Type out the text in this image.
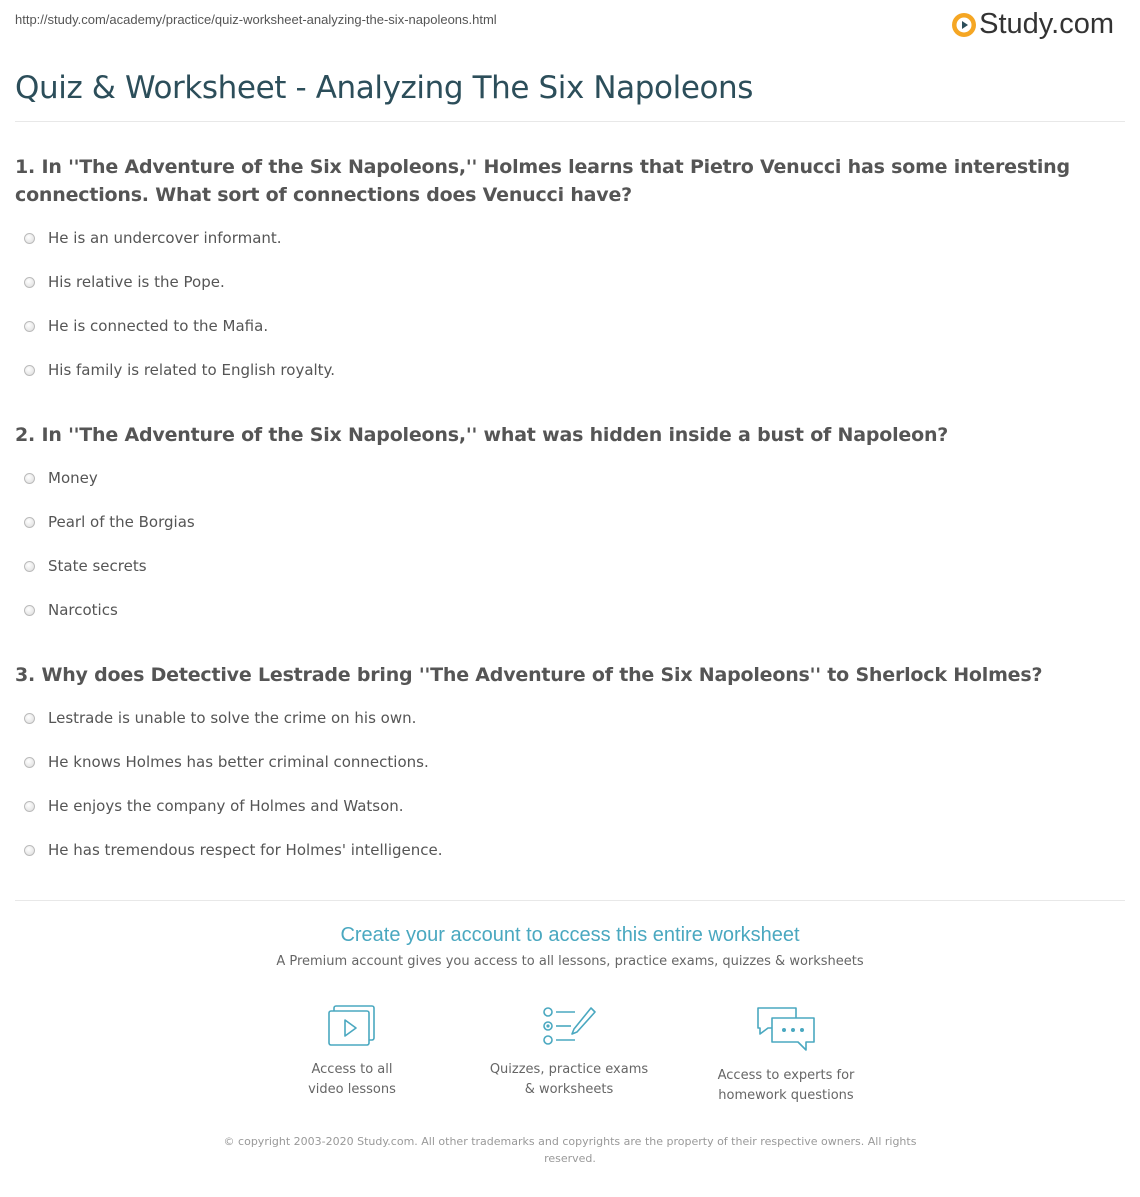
http://study.com/academy/practice/quiz-worksheet-analyzing-the-six-napoleons.html	Study.com
Quiz & Worksheet - Analyzing The Six Napoleons

1. In ''The Adventure of the Six Napoleons,'' Holmes learns that Pietro Venucci has some interesting connections. What sort of connections does Venucci have?

He is an undercover informant.
His relative is the Pope.
He is connected to the Mafia.
His family is related to English royalty.

2. In ''The Adventure of the Six Napoleons,'' what was hidden inside a bust of Napoleon?

Money
Pearl of the Borgias
State secrets
Narcotics

3. Why does Detective Lestrade bring ''The Adventure of the Six Napoleons'' to Sherlock Holmes?

Lestrade is unable to solve the crime on his own.
He knows Holmes has better criminal connections.
He enjoys the company of Holmes and Watson.
He has tremendous respect for Holmes' intelligence.
Create your account to access this entire worksheet
A Premium account gives you access to all lessons, practice exams, quizzes & worksheets
Access to all
video lessons
Quizzes, practice exams
& worksheets
Access to experts for
homework questions
© copyright 2003-2020 Study.com. All other trademarks and copyrights are the property of their respective owners. All rights reserved.
